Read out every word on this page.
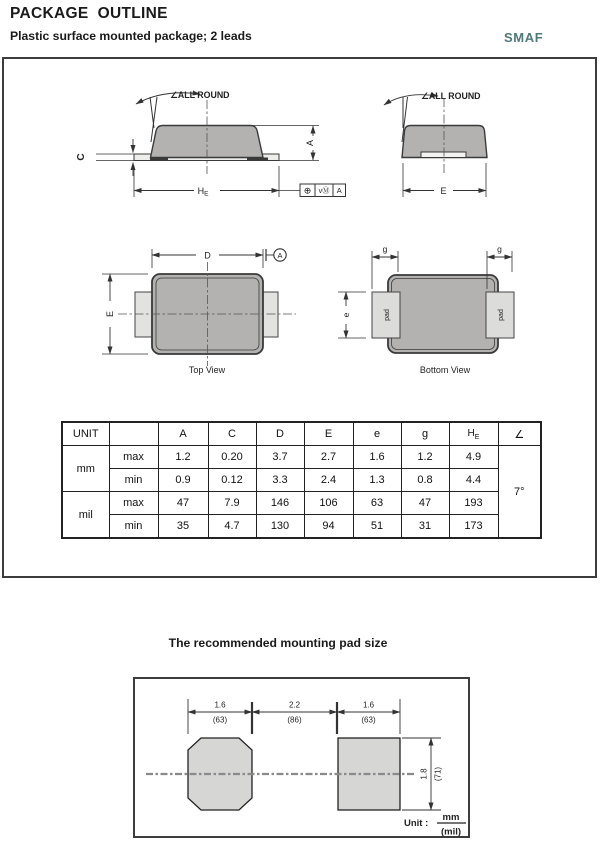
PACKAGE  OUTLINE
Plastic surface mounted package; 2 leads	SMAF
The recommended mounting pad size
∠ALL ROUND
C
A
$H_E$	⊕ vⓂ A
∠ALL ROUND
E
D	A
E
Top View
pad	pad
g	g
e
Bottom View
1.6
(63)
2.2
(86)
1.6
(63)
1.8 (71)
Unit :
mm
(mil)
UNIT		A	C	D	E	e	g	$H_E$	∠
mm	max	1.2	0.20	3.7	2.7	1.6	1.2	4.9	7°
	min	0.9	0.12	3.3	2.4	1.3	0.8	4.4	
mil	max	47	7.9	146	106	63	47	193	
	min	35	4.7	130	94	51	31	173	
